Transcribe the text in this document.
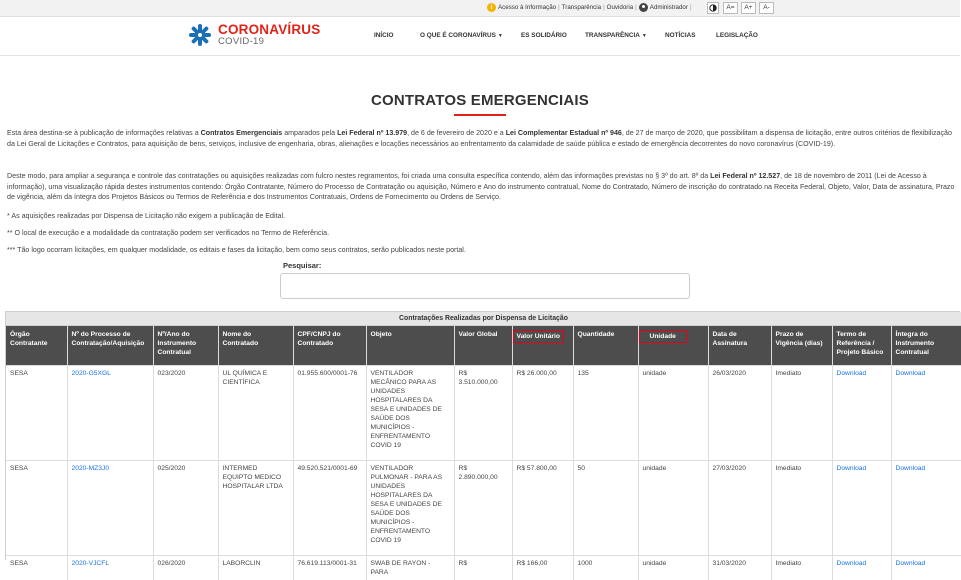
i Acesso à Informação | Transparência | Ouvidoria | Administrador |	A=	A+	A-
CORONAVÍRUS
COVID-19
INÍCIO	O QUE É CORONAVÍRUS ▼	ES SOLIDÁRIO	TRANSPARÊNCIA ▼	NOTÍCIAS	LEGISLAÇÃO
CONTRATOS EMERGENCIAIS
Esta área destina-se à publicação de informações relativas a Contratos Emergenciais amparados pela Lei Federal nº 13.979, de 6 de fevereiro de 2020 e a Lei Complementar Estadual nº 946, de 27 de março de 2020, que possibilitam a dispensa de licitação, entre outros critérios de flexibilização da Lei Geral de Licitações e Contratos, para aquisição de bens, serviços, inclusive de engenharia, obras, alienações e locações necessários ao enfrentamento da calamidade de saúde pública e estado de emergência decorrentes do novo coronavírus (COVID-19).
Deste modo, para ampliar a segurança e controle das contratações ou aquisições realizadas com fulcro nestes regramentos, foi criada uma consulta específica contendo, além das informações previstas no § 3º do art. 8º da Lei Federal nº 12.527, de 18 de novembro de 2011 (Lei de Acesso à informação), uma visualização rápida destes instrumentos contendo: Órgão Contratante, Número do Processo de Contratação ou aquisição, Número e Ano do instrumento contratual, Nome do Contratado, Número de inscrição do contratado na Receita Federal, Objeto, Valor, Data de assinatura, Prazo de vigência, além da íntegra dos Projetos Básicos ou Termos de Referência e dos Instrumentos Contratuais, Ordens de Fornecimento ou Ordens de Serviço.
* As aquisições realizadas por Dispensa de Licitação não exigem a publicação de Edital.
** O local de execução e a modalidade da contratação podem ser verificados no Termo de Referência.
*** Tão logo ocorram licitações, em qualquer modalidade, os editais e fases da licitação, bem como seus contratos, serão publicados neste portal.
Pesquisar:
Contratações Realizadas por Dispensa de Licitação
Órgão Contratante	Nº do Processo de Contratação/Aquisição	Nº/Ano do Instrumento Contratual	Nome do Contratado	CPF/CNPJ do Contratado	Objeto	Valor Global	Valor Unitário	Quantidade	Unidade	Data de Assinatura	Prazo de Vigência (dias)	Termo de Referência / Projeto Básico	Íntegra do Instrumento Contratual
SESA	2020-G5XGL	023/2020	UL QUÍMICA E CIENTÍFICA	01.955.600/0001-76	VENTILADOR MECÂNICO PARA AS UNIDADES HOSPITALARES DA SESA E UNIDADES DE SAÚDE DOS MUNICÍPIOS - ENFRENTAMENTO COVID 19	R$ 3.510.000,00	R$ 26.000,00	135	unidade	26/03/2020	Imediato	Download	Download
SESA	2020-MZ3J0	025/2020	INTERMED EQUIPTO MEDICO HOSPITALAR LTDA	49.520.521/0001-69	VENTILADOR PULMONAR - PARA AS UNIDADES HOSPITALARES DA SESA E UNIDADES DE SAÚDE DOS MUNICÍPIOS - ENFRENTAMENTO COVID 19	R$ 2.890.000,00	R$ 57.800,00	50	unidade	27/03/2020	Imediato	Download	Download
SESA	2020-VJCFL	026/2020	LABORCLIN	76.619.113/0001-31	SWAB DE RAYON - PARA	R$	R$ 166,00	1000	unidade	31/03/2020	Imediato	Download	Download
